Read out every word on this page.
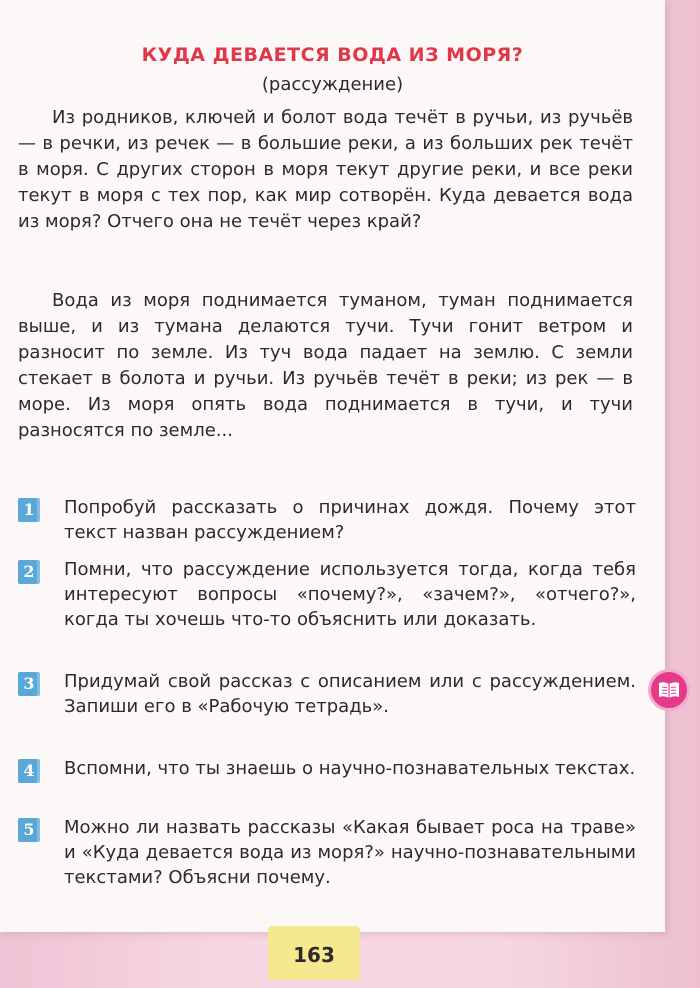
КУДА ДЕВАЕТСЯ ВОДА ИЗ МОРЯ?
(рассуждение)

Из родников, ключей и болот вода течёт в ручьи, из ручьёв — в речки, из речек — в большие реки, а из больших рек течёт в моря. С других сторон в моря текут другие реки, и все реки текут в моря с тех пор, как мир сотворён. Куда девается вода из моря? Отчего она не течёт через край?

Вода из моря поднимается туманом, туман поднимается выше, и из тумана делаются тучи. Тучи гонит ветром и разносит по земле. Из туч вода падает на землю. С земли стекает в болота и ручьи. Из ручьёв течёт в реки; из рек — в море. Из моря опять вода поднимается в тучи, и тучи разносятся по земле...

1	Попробуй рассказать о причинах дождя. Почему этот текст назван рассуждением?

2	Помни, что рассуждение используется тогда, когда тебя интересуют вопросы «почему?», «зачем?», «отчего?», когда ты хочешь что-то объяснить или доказать.

3	Придумай свой рассказ с описанием или с рассуждением. Запиши его в «Рабочую тетрадь».

4	Вспомни, что ты знаешь о научно-познавательных текстах.

5	Можно ли назвать рассказы «Какая бывает роса на траве» и «Куда девается вода из моря?» научно-познавательными текстами? Объясни почему.

163
